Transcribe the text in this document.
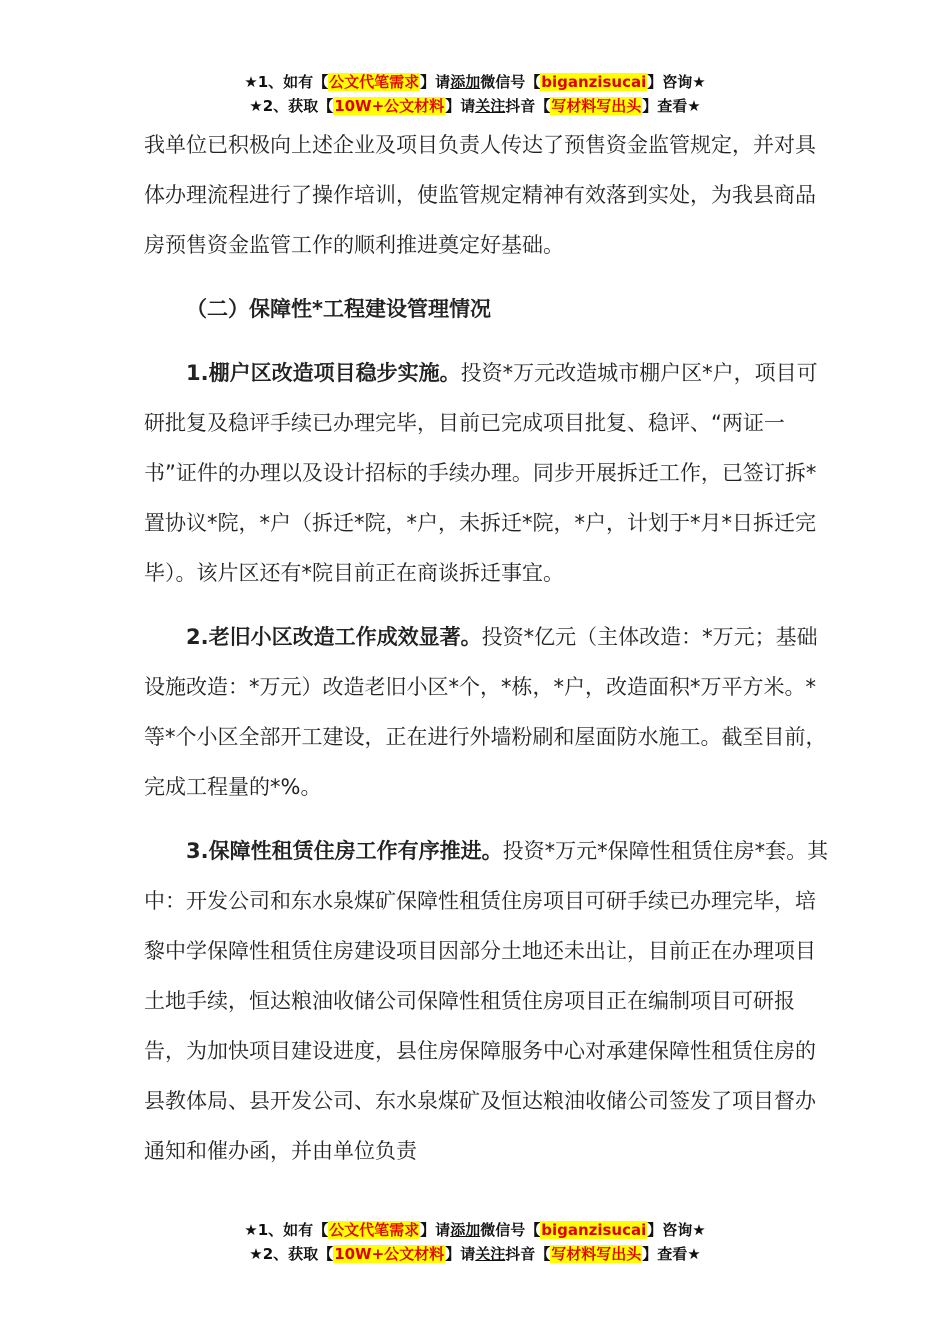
★1、如有【公文代笔需求】请添加微信号【biganzisucai】咨询★
★2、获取【10W+公文材料】请关注抖音【写材料写出头】查看★

我单位已积极向上述企业及项目负责人传达了预售资金监管规定，并对具体办理流程进行了操作培训，使监管规定精神有效落到实处，为我县商品房预售资金监管工作的顺利推进奠定好基础。

（二）保障性*工程建设管理情况

1.棚户区改造项目稳步实施。投资*万元改造城市棚户区*户，项目可研批复及稳评手续已办理完毕，目前已完成项目批复、稳评、“两证一书”证件的办理以及设计招标的手续办理。同步开展拆迁工作，已签订拆*置协议*院，*户（拆迁*院，*户，未拆迁*院，*户，计划于*月*日拆迁完毕）。该片区还有*院目前正在商谈拆迁事宜。

2.老旧小区改造工作成效显著。投资*亿元（主体改造：*万元；基础设施改造：*万元）改造老旧小区*个，*栋，*户，改造面积*万平方米。*等*个小区全部开工建设，正在进行外墙粉刷和屋面防水施工。截至目前，完成工程量的*%。

3.保障性租赁住房工作有序推进。投资*万元*保障性租赁住房*套。其中：开发公司和东水泉煤矿保障性租赁住房项目可研手续已办理完毕，培黎中学保障性租赁住房建设项目因部分土地还未出让，目前正在办理项目土地手续，恒达粮油收储公司保障性租赁住房项目正在编制项目可研报告，为加快项目建设进度，县住房保障服务中心对承建保障性租赁住房的县教体局、县开发公司、东水泉煤矿及恒达粮油收储公司签发了项目督办通知和催办函，并由单位负责

★1、如有【公文代笔需求】请添加微信号【biganzisucai】咨询★
★2、获取【10W+公文材料】请关注抖音【写材料写出头】查看★
